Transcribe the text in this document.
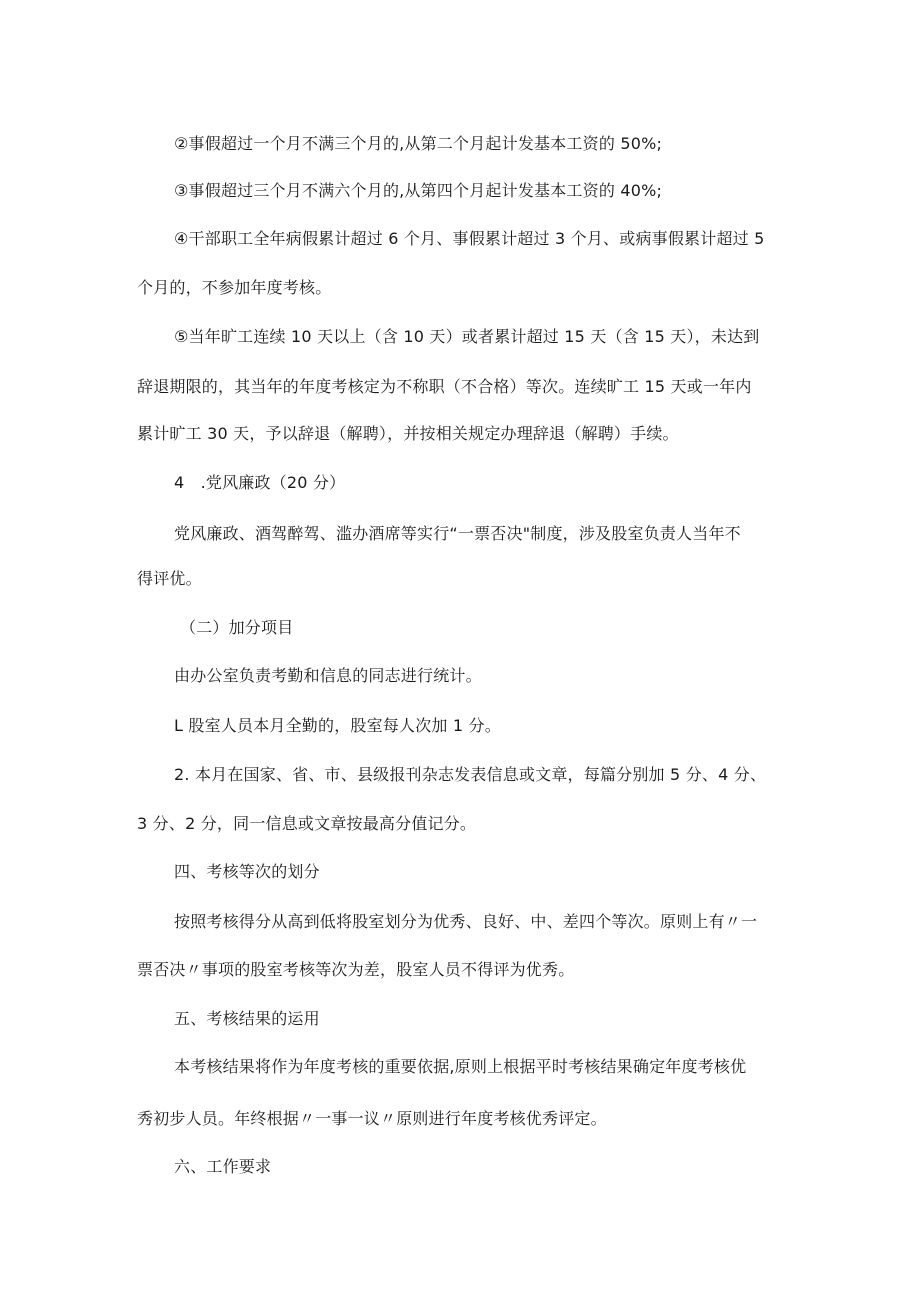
②事假超过一个月不满三个月的,从第二个月起计发基本工资的 50%;
③事假超过三个月不满六个月的,从第四个月起计发基本工资的 40%;
④干部职工全年病假累计超过 6 个月、事假累计超过 3 个月、或病事假累计超过 5
个月的，不参加年度考核。
⑤当年旷工连续 10 天以上（含 10 天）或者累计超过 15 天（含 15 天），未达到
辞退期限的，其当年的年度考核定为不称职（不合格）等次。连续旷工 15 天或一年内
累计旷工 30 天，予以辞退（解聘），并按相关规定办理辞退（解聘）手续。
4　.党风廉政（20 分）
党风廉政、酒驾醉驾、滥办酒席等实行“一票否决"制度，涉及股室负责人当年不
得评优。
（二）加分项目
由办公室负责考勤和信息的同志进行统计。
L 股室人员本月全勤的，股室每人次加 1 分。
2. 本月在国家、省、市、县级报刊杂志发表信息或文章，每篇分别加 5 分、4 分、
3 分、2 分，同一信息或文章按最高分值记分。
四、考核等次的划分
按照考核得分从高到低将股室划分为优秀、良好、中、差四个等次。原则上有〃一
票否决〃事项的股室考核等次为差，股室人员不得评为优秀。
五、考核结果的运用
本考核结果将作为年度考核的重要依据,原则上根据平时考核结果确定年度考核优
秀初步人员。年终根据〃一事一议〃原则进行年度考核优秀评定。
六、工作要求
